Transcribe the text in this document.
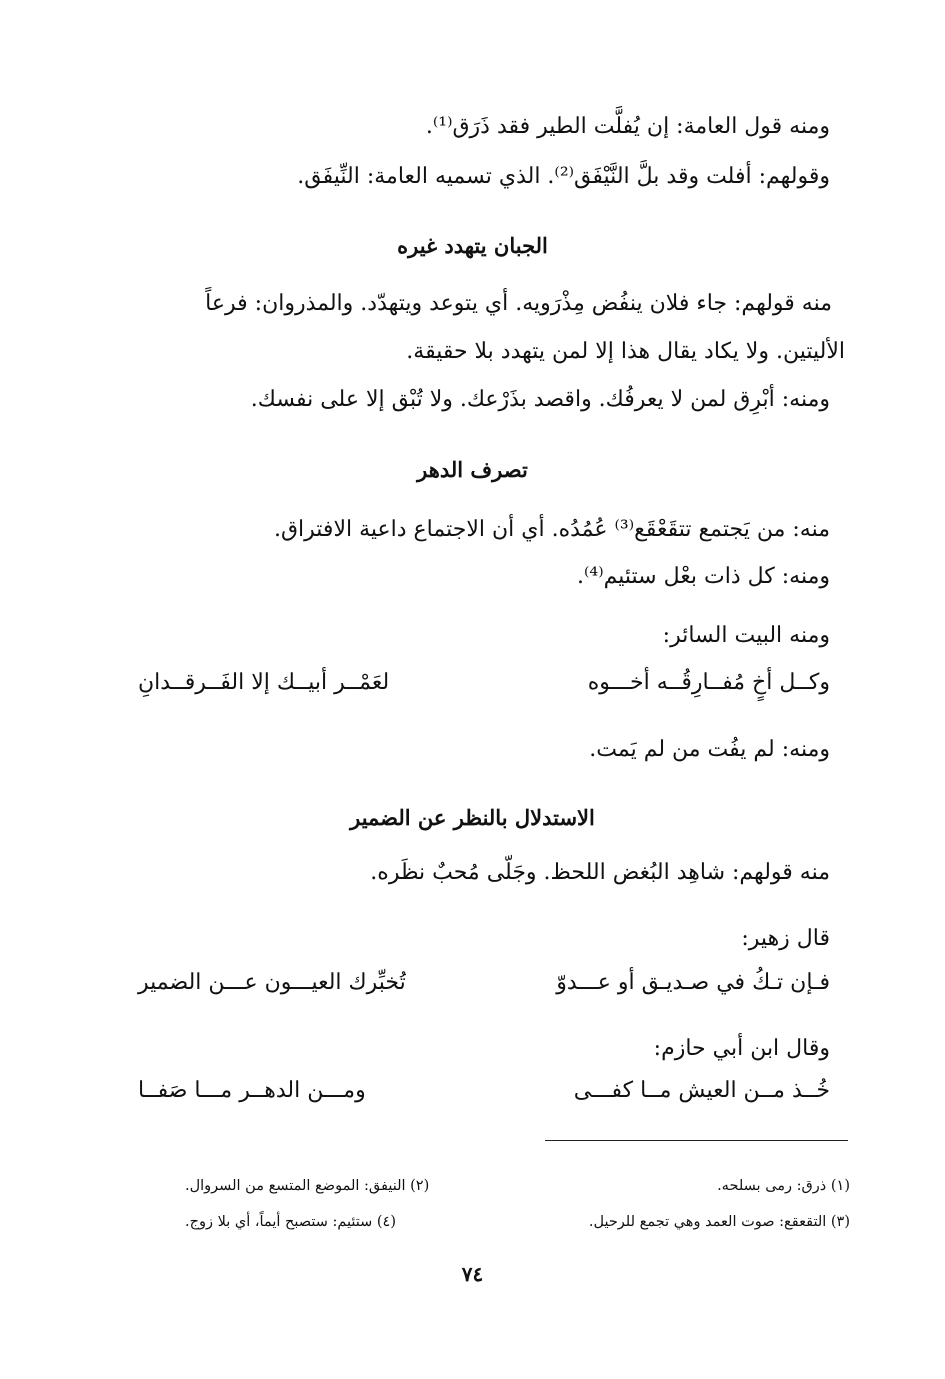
ومنه قول العامة: إن يُفلَّت الطير فقد ذَرَق⁽¹⁾.
وقولهم: أفلت وقد بلَّ النَّيْفَق⁽²⁾. الذي تسميه العامة: النِّيفَق.
الجبان يتهدد غيره
منه قولهم: جاء فلان ينفُض مِذْرَويه. أي يتوعد ويتهدّد. والمذروان: فرعاً
الأليتين. ولا يكاد يقال هذا إلا لمن يتهدد بلا حقيقة.
ومنه: أبْرِق لمن لا يعرفُك. واقصد بذَرْعك. ولا تُبْق إلا على نفسك.
تصرف الدهر
منه: من يَجتمع تتقَعْقَع⁽³⁾ عُمُدُه. أي أن الاجتماع داعية الافتراق.
ومنه: كل ذات بعْل ستئيم⁽⁴⁾.
ومنه البيت السائر:
وكــل أخٍ مُفــارِقُــه أخـــوه
لعَمْــر أبيــك إلا الفَــرقــدانِ
ومنه: لم يفُت من لم يَمت.
الاستدلال بالنظر عن الضمير
منه قولهم: شاهِد البُغض اللحظ. وجَلّى مُحبٌ نظَره.
قال زهير:
فـإن تـكُ في صـديـق أو عـــدوّ
تُخبِّرك العيـــون عـــن الضمير
وقال ابن أبي حازم:
خُــذ مــن العيش مــا كفـــى
ومـــن الدهــر مـــا صَفــا
(١) ذرق: رمى بسلحه.
(٢) النيفق: الموضع المتسع من السروال.
(٣) التقعقع: صوت العمد وهي تجمع للرحيل.
(٤) ستئيم: ستصبح أيماً، أي بلا زوج.
٧٤
